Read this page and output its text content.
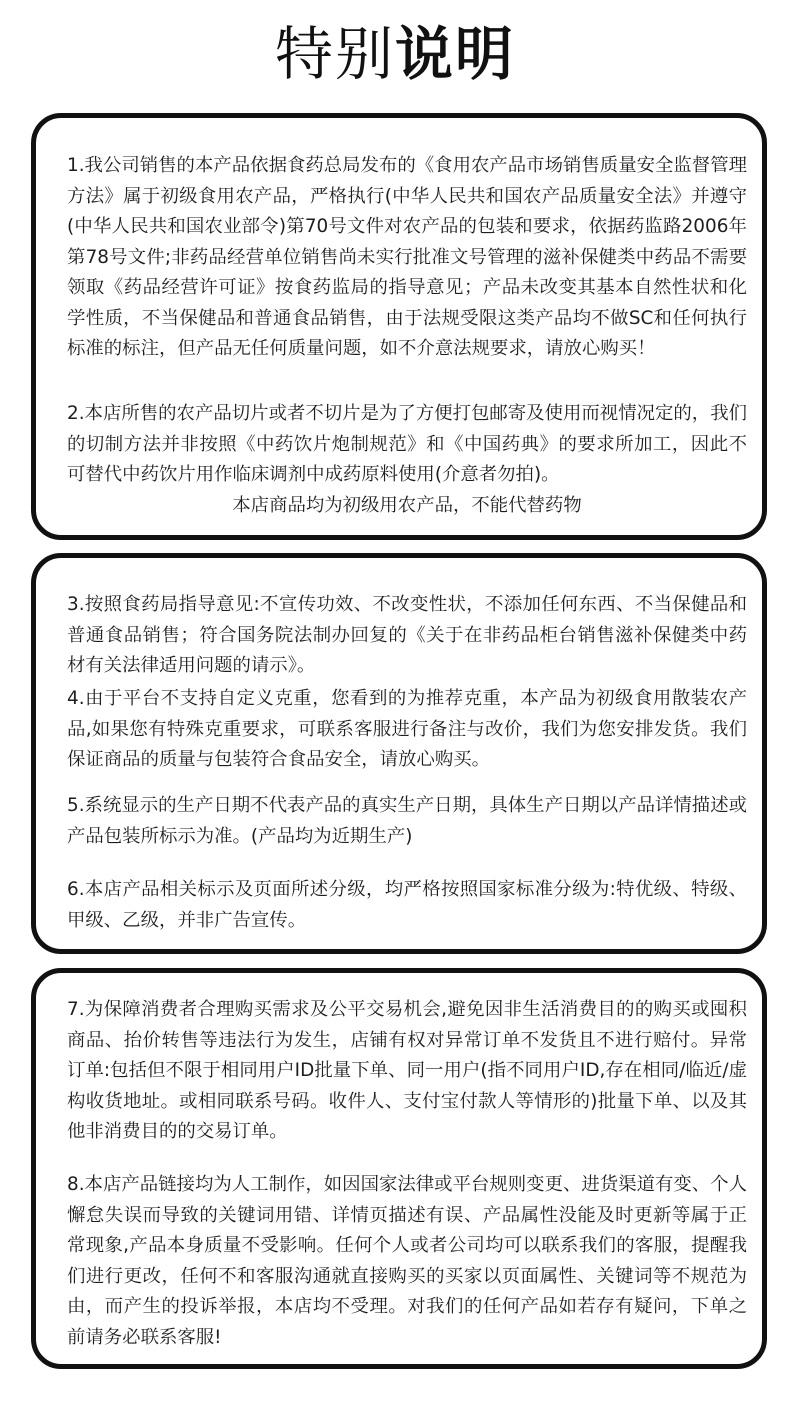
特别说明

1.我公司销售的本产品依据食药总局发布的《食用农产品市场销售质量安全监督管理方法》属于初级食用农产品，严格执行(中华人民共和国农产品质量安全法》并遵守(中华人民共和国农业部令)第70号文件对农产品的包装和要求，依据药监路2006年第78号文件;非药品经营单位销售尚未实行批准文号管理的滋补保健类中药品不需要领取《药品经营许可证》按食药监局的指导意见；产品未改变其基本自然性状和化学性质，不当保健品和普通食品销售，由于法规受限这类产品均不做SC和任何执行标准的标注，但产品无任何质量问题，如不介意法规要求，请放心购买！

2.本店所售的农产品切片或者不切片是为了方便打包邮寄及使用而视情况定的，我们的切制方法并非按照《中药饮片炮制规范》和《中国药典》的要求所加工，因此不可替代中药饮片用作临床调剂中成药原料使用(介意者勿拍)。

本店商品均为初级用农产品，不能代替药物

3.按照食药局指导意见:不宣传功效、不改变性状，不添加任何东西、不当保健品和普通食品销售；符合国务院法制办回复的《关于在非药品柜台销售滋补保健类中药材有关法律适用问题的请示》。

4.由于平台不支持自定义克重，您看到的为推荐克重，本产品为初级食用散装农产品,如果您有特殊克重要求，可联系客服进行备注与改价，我们为您安排发货。我们保证商品的质量与包装符合食品安全，请放心购买。

5.系统显示的生产日期不代表产品的真实生产日期，具体生产日期以产品详情描述或产品包装所标示为准。(产品均为近期生产)

6.本店产品相关标示及页面所述分级，均严格按照国家标准分级为:特优级、特级、甲级、乙级，并非广告宣传。

7.为保障消费者合理购买需求及公平交易机会,避免因非生活消费目的的购买或囤积商品、抬价转售等违法行为发生，店铺有权对异常订单不发货且不进行赔付。异常订单:包括但不限于相同用户ID批量下单、同一用户(指不同用户ID,存在相同/临近/虚构收货地址。或相同联系号码。收件人、支付宝付款人等情形的)批量下单、以及其他非消费目的的交易订单。

8.本店产品链接均为人工制作，如因国家法律或平台规则变更、进货渠道有变、个人懈怠失误而导致的关键词用错、详情页描述有误、产品属性没能及时更新等属于正常现象,产品本身质量不受影响。任何个人或者公司均可以联系我们的客服，提醒我们进行更改，任何不和客服沟通就直接购买的买家以页面属性、关键词等不规范为由，而产生的投诉举报，本店均不受理。对我们的任何产品如若存有疑问，下单之前请务必联系客服!
